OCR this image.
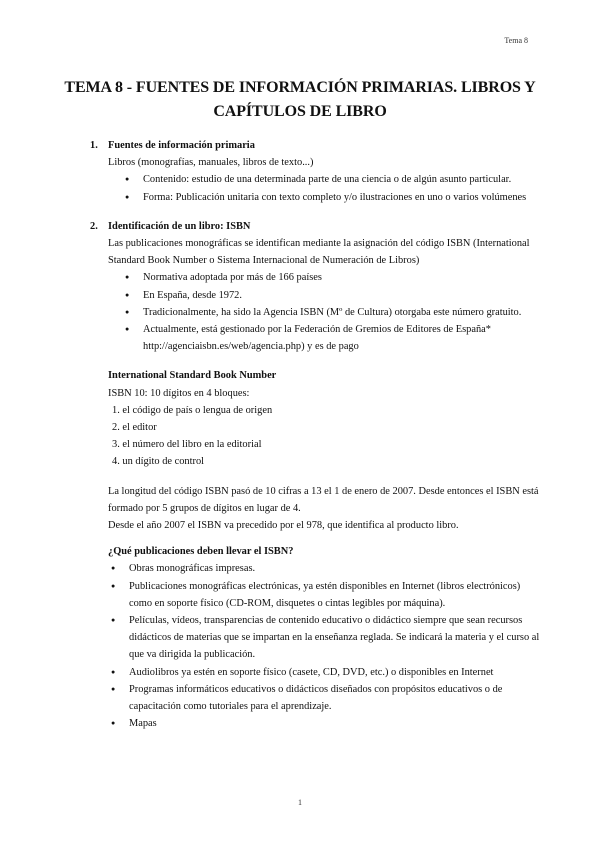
Tema 8
TEMA 8 - FUENTES DE INFORMACIÓN PRIMARIAS. LIBROS Y CAPÍTULOS DE LIBRO
1. Fuentes de información primaria
Libros (monografías, manuales, libros de texto...)
● Contenido: estudio de una determinada parte de una ciencia o de algún asunto particular.
● Forma: Publicación unitaria con texto completo y/o ilustraciones en uno o varios volúmenes
2. Identificación de un libro: ISBN
Las publicaciones monográficas se identifican mediante la asignación del código ISBN (International Standard Book Number o Sistema Internacional de Numeración de Libros)
● Normativa adoptada por más de 166 países
● En España, desde 1972.
● Tradicionalmente, ha sido la Agencia ISBN (Mº de Cultura) otorgaba este número gratuito.
● Actualmente, está gestionado por la Federación de Gremios de Editores de España* http://agenciaisbn.es/web/agencia.php) y es de pago
International Standard Book Number
ISBN 10: 10 dígitos en 4 bloques:
1. el código de país o lengua de origen
2. el editor
3. el número del libro en la editorial
4. un dígito de control
La longitud del código ISBN pasó de 10 cifras a 13 el 1 de enero de 2007. Desde entonces el ISBN está formado por 5 grupos de dígitos en lugar de 4.
Desde el año 2007 el ISBN va precedido por el 978, que identifica al producto libro.
¿Qué publicaciones deben llevar el ISBN?
● Obras monográficas impresas.
● Publicaciones monográficas electrónicas, ya estén disponibles en Internet (libros electrónicos) como en soporte físico (CD-ROM, disquetes o cintas legibles por máquina).
● Películas, vídeos, transparencias de contenido educativo o didáctico siempre que sean recursos didácticos de materias que se impartan en la enseñanza reglada. Se indicará la materia y el curso al que va dirigida la publicación.
● Audiolibros ya estén en soporte físico (casete, CD, DVD, etc.) o disponibles en Internet
● Programas informáticos educativos o didácticos diseñados con propósitos educativos o de capacitación como tutoriales para el aprendizaje.
● Mapas
1
